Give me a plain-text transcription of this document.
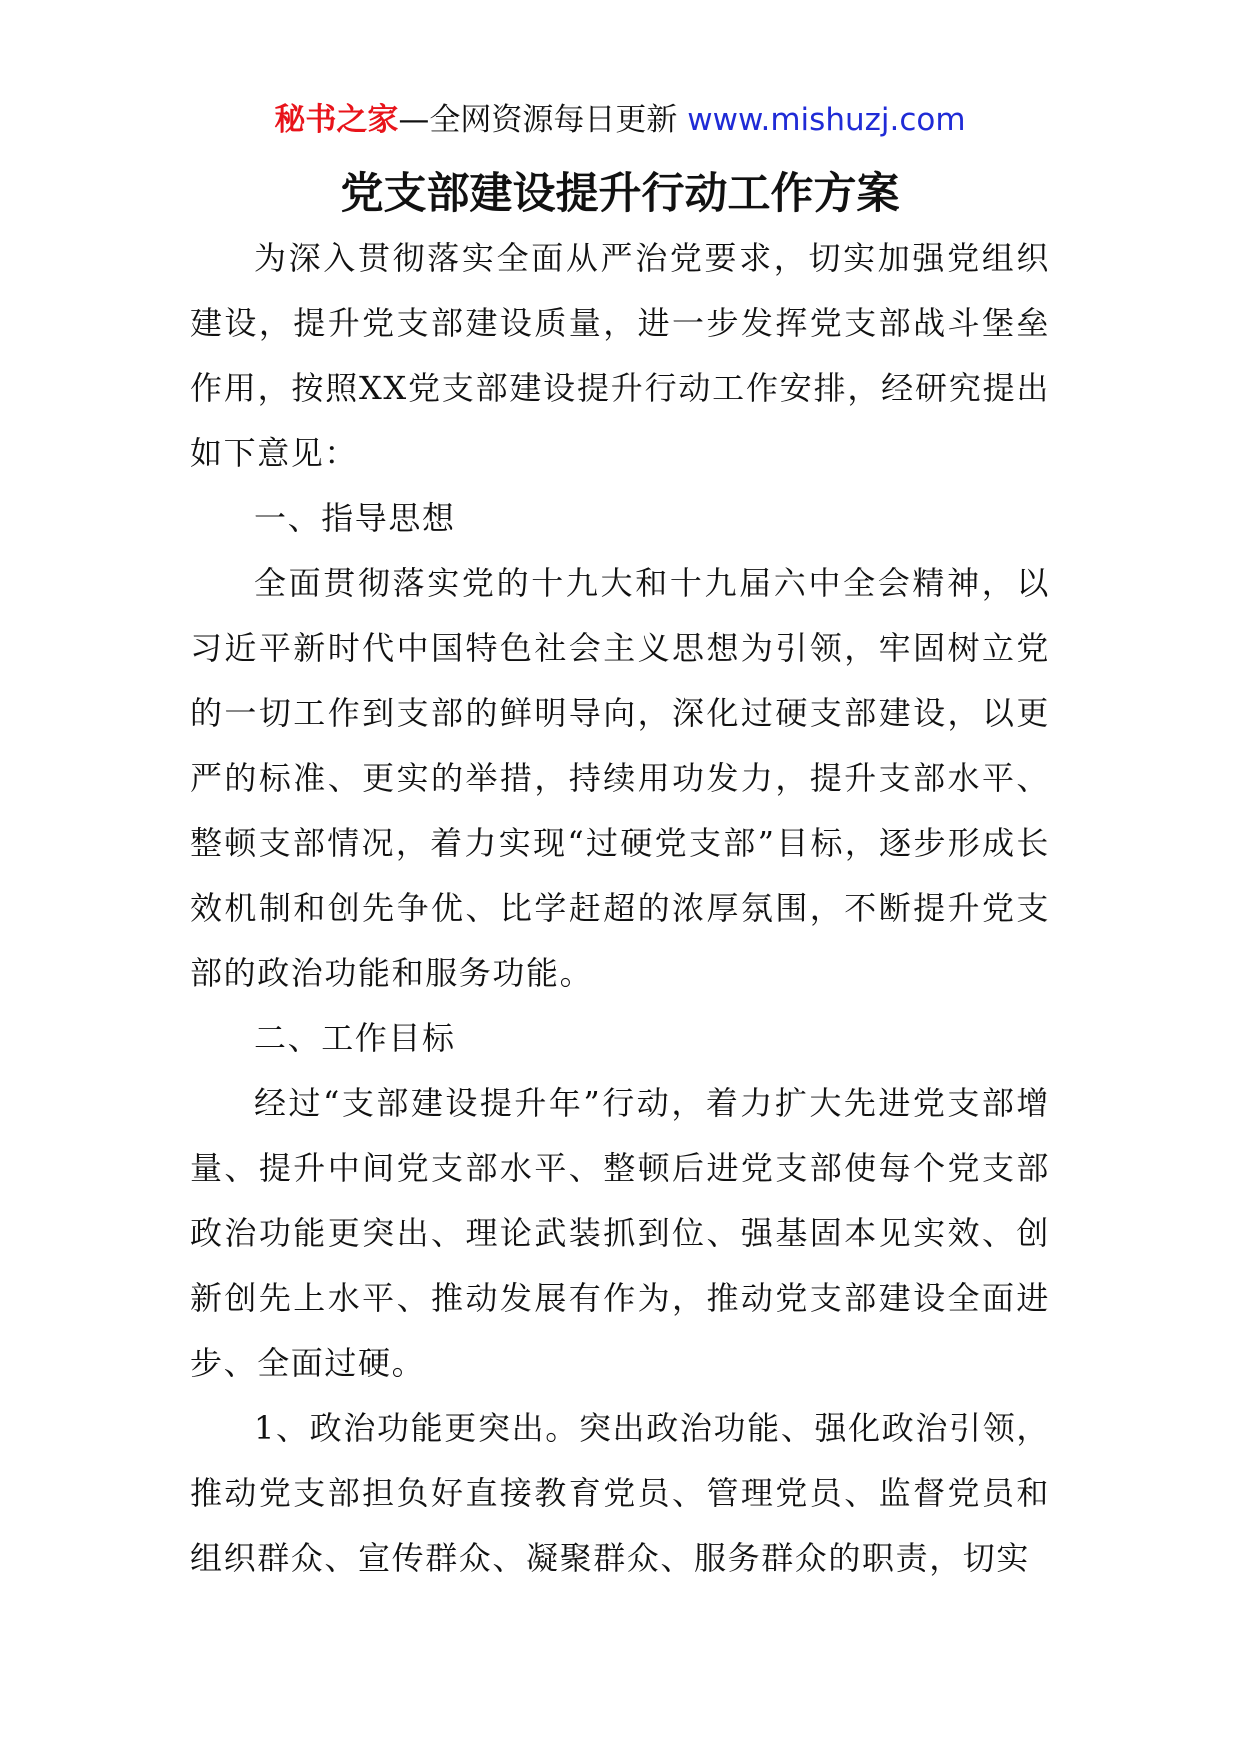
秘书之家—全网资源每日更新 www.mishuzj.com
党支部建设提升行动工作方案

为深入贯彻落实全面从严治党要求，切实加强党组织建设，提升党支部建设质量，进一步发挥党支部战斗堡垒作用，按照XX党支部建设提升行动工作安排，经研究提出如下意见：

一、指导思想

全面贯彻落实党的十九大和十九届六中全会精神，以习近平新时代中国特色社会主义思想为引领，牢固树立党的一切工作到支部的鲜明导向，深化过硬支部建设，以更严的标准、更实的举措，持续用功发力，提升支部水平、整顿支部情况，着力实现“过硬党支部”目标，逐步形成长效机制和创先争优、比学赶超的浓厚氛围，不断提升党支部的政治功能和服务功能。

二、工作目标

经过“支部建设提升年”行动，着力扩大先进党支部增量、提升中间党支部水平、整顿后进党支部使每个党支部政治功能更突出、理论武装抓到位、强基固本见实效、创新创先上水平、推动发展有作为，推动党支部建设全面进步、全面过硬。

1、政治功能更突出。突出政治功能、强化政治引领，推动党支部担负好直接教育党员、管理党员、监督党员和组织群众、宣传群众、凝聚群众、服务群众的职责，切实
